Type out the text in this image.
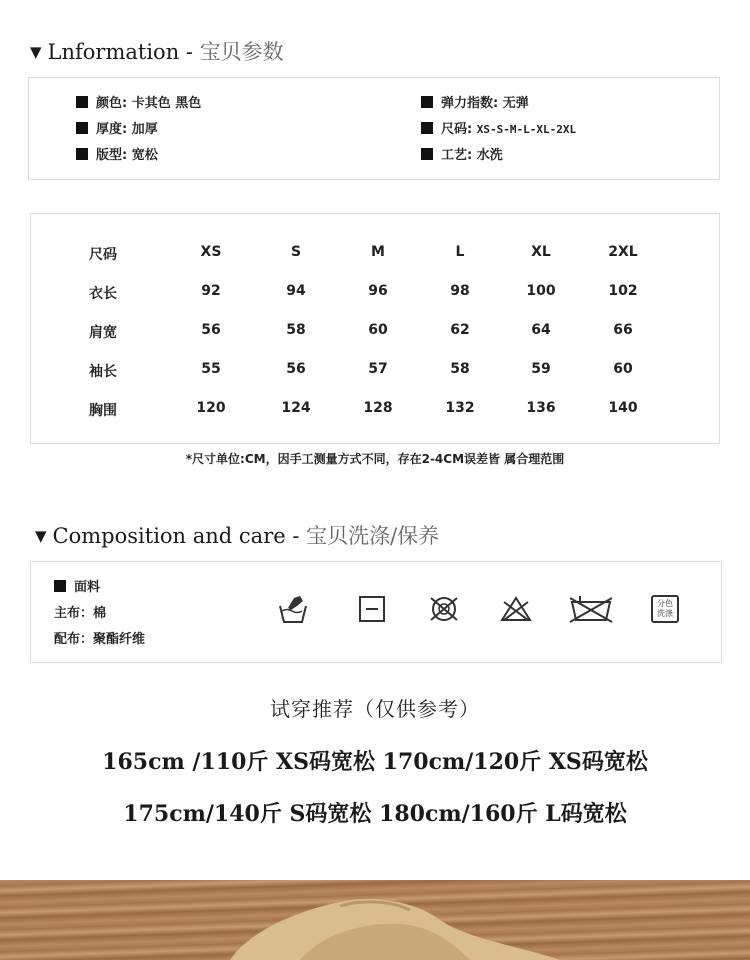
▼ Lnformation - 宝贝参数
颜色: 卡其色 黑色	弹力指数: 无弹
厚度: 加厚	尺码: XS-S-M-L-XL-2XL
版型: 宽松	工艺: 水洗
尺码	XS	S	M	L	XL	2XL
衣长	92	94	96	98	100	102
肩宽	56	58	60	62	64	66
袖长	55	56	57	58	59	60
胸围	120	124	128	132	136	140
*尺寸单位:CM，因手工测量方式不同，存在2-4CM误差皆 属合理范围
▼ Composition and care - 宝贝洗涤/保养
面料
主布：棉
配布：聚酯纤维
分色
洗涤
试穿推荐（仅供参考）
165cm /110斤 XS码宽松 170cm/120斤 XS码宽松
175cm/140斤 S码宽松 180cm/160斤 L码宽松
